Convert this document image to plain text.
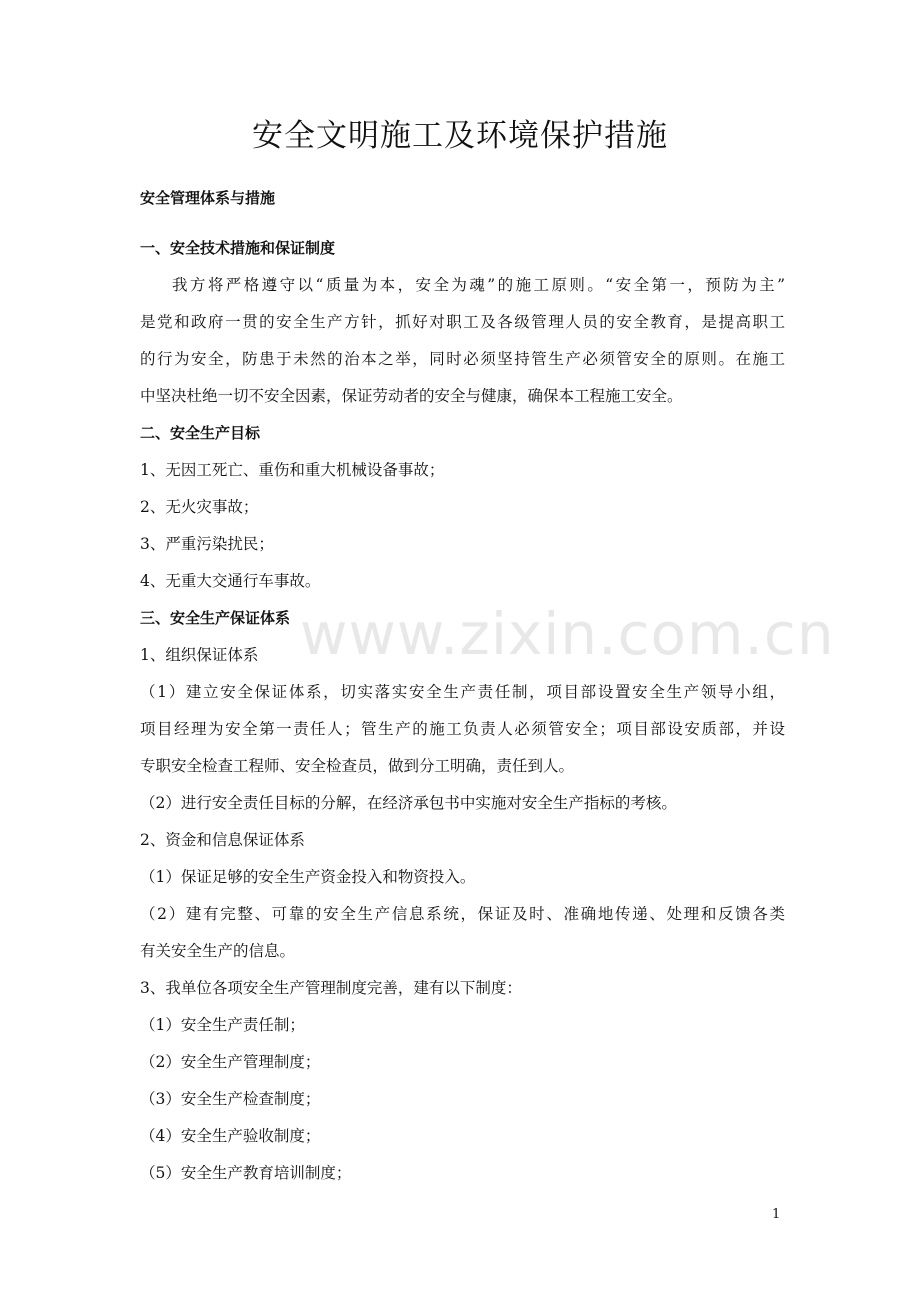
安全文明施工及环境保护措施
安全管理体系与措施
一、安全技术措施和保证制度
我方将严格遵守以“质量为本，安全为魂”的施工原则。“安全第一，预防为主”
是党和政府一贯的安全生产方针，抓好对职工及各级管理人员的安全教育，是提高职工
的行为安全，防患于未然的治本之举，同时必须坚持管生产必须管安全的原则。在施工
中坚决杜绝一切不安全因素，保证劳动者的安全与健康，确保本工程施工安全。
二、安全生产目标
1、无因工死亡、重伤和重大机械设备事故；
2、无火灾事故；
3、严重污染扰民；
4、无重大交通行车事故。
三、安全生产保证体系
1、组织保证体系
（1）建立安全保证体系，切实落实安全生产责任制，项目部设置安全生产领导小组，
项目经理为安全第一责任人；管生产的施工负责人必须管安全；项目部设安质部，并设
专职安全检查工程师、安全检查员，做到分工明确，责任到人。
（2）进行安全责任目标的分解，在经济承包书中实施对安全生产指标的考核。
2、资金和信息保证体系
（1）保证足够的安全生产资金投入和物资投入。
（2）建有完整、可靠的安全生产信息系统，保证及时、准确地传递、处理和反馈各类
有关安全生产的信息。
3、我单位各项安全生产管理制度完善，建有以下制度：
（1）安全生产责任制；
（2）安全生产管理制度；
（3）安全生产检查制度；
（4）安全生产验收制度；
（5）安全生产教育培训制度；
www.zixin.com.cn
1
